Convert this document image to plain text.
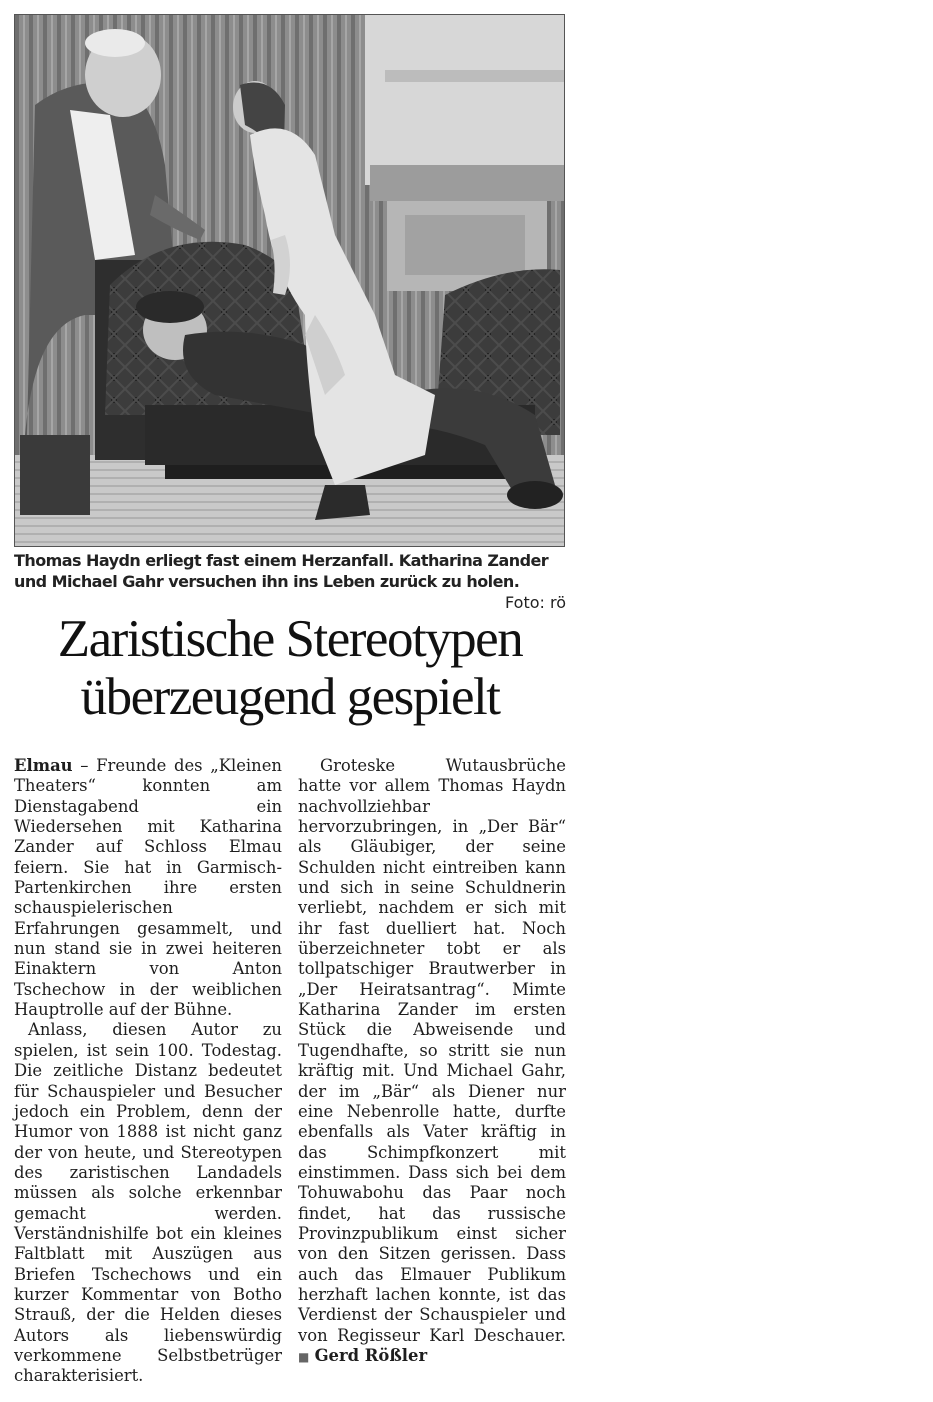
Thomas Haydn erliegt fast einem Herzanfall. Katharina Zander und Michael Gahr versuchen ihn ins Leben zurück zu holen.
Foto: rö
Zaristische Stereotypen
überzeugend gespielt

Elmau – Freunde des „Kleinen Theaters“ konnten am Dienstagabend ein Wiedersehen mit Katharina Zander auf Schloss Elmau feiern. Sie hat in Garmisch-Partenkirchen ihre ersten schauspielerischen Erfahrungen gesammelt, und nun stand sie in zwei heiteren Einaktern von Anton Tschechow in der weiblichen Hauptrolle auf der Bühne.

Anlass, diesen Autor zu spielen, ist sein 100. Todestag. Die zeitliche Distanz bedeutet für Schauspieler und Besucher jedoch ein Problem, denn der Humor von 1888 ist nicht ganz der von heute, und Stereotypen des zaristischen Landadels müssen als solche erkennbar gemacht werden. Verständnishilfe bot ein kleines Faltblatt mit Auszügen aus Briefen Tschechows und ein kurzer Kommentar von Botho Strauß, der die Helden dieses Autors als liebenswürdig verkommene Selbstbetrüger charakterisiert.

Groteske Wutausbrüche hatte vor allem Thomas Haydn nachvollziehbar hervorzubringen, in „Der Bär“ als Gläubiger, der seine Schulden nicht eintreiben kann und sich in seine Schuldnerin verliebt, nachdem er sich mit ihr fast duelliert hat. Noch überzeichneter tobt er als tollpatschiger Brautwerber in „Der Heiratsantrag“. Mimte Katharina Zander im ersten Stück die Abweisende und Tugendhafte, so stritt sie nun kräftig mit. Und Michael Gahr, der im „Bär“ als Diener nur eine Nebenrolle hatte, durfte ebenfalls als Vater kräftig in das Schimpfkonzert mit einstimmen. Dass sich bei dem Tohuwabohu das Paar noch findet, hat das russische Provinzpublikum einst sicher von den Sitzen gerissen. Dass auch das Elmauer Publikum herzhaft lachen konnte, ist das Verdienst der Schauspieler und von Regisseur Karl Deschauer. ■ Gerd Rößler
